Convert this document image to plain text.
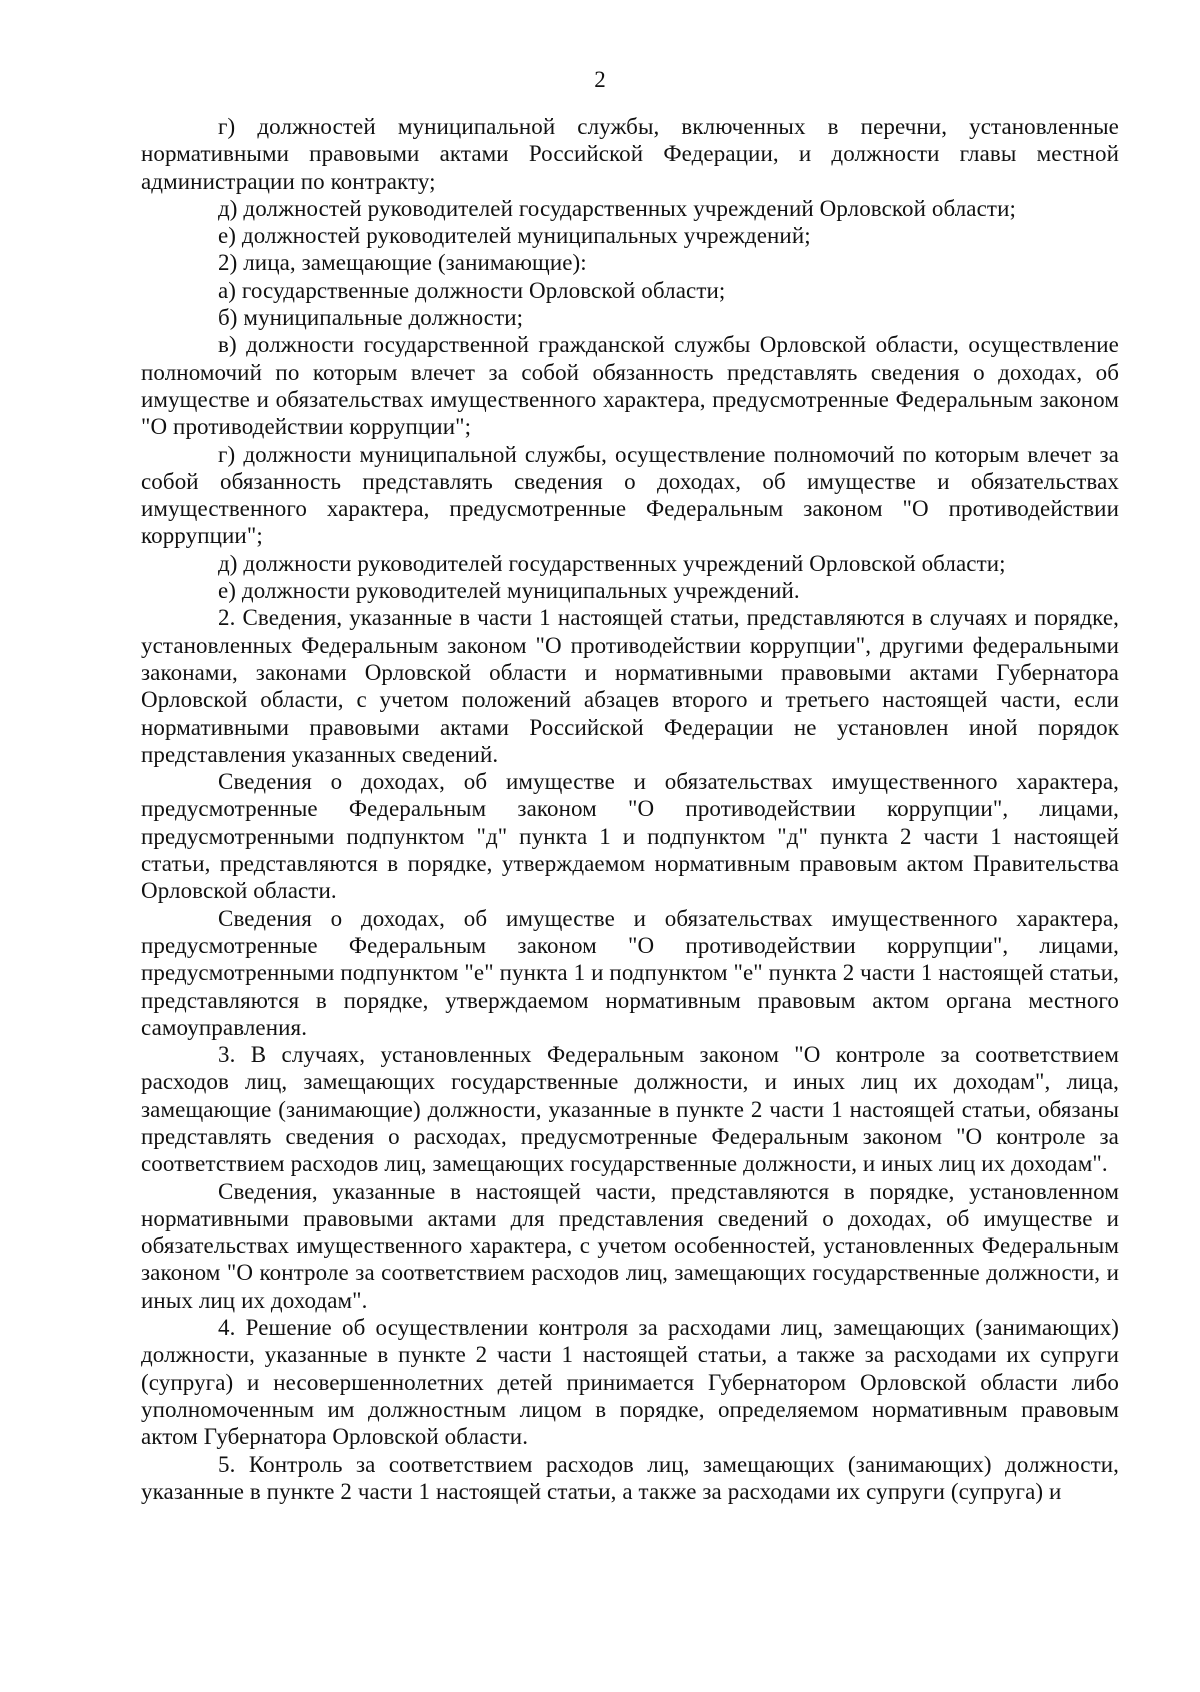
2

г) должностей муниципальной службы, включенных в перечни, установленные нормативными правовыми актами Российской Федерации, и должности главы местной администрации по контракту;

д) должностей руководителей государственных учреждений Орловской области;

е) должностей руководителей муниципальных учреждений;

2) лица, замещающие (занимающие):

а) государственные должности Орловской области;

б) муниципальные должности;

в) должности государственной гражданской службы Орловской области, осуществление полномочий по которым влечет за собой обязанность представлять сведения о доходах, об имуществе и обязательствах имущественного характера, предусмотренные Федеральным законом "О противодействии коррупции";

г) должности муниципальной службы, осуществление полномочий по которым влечет за собой обязанность представлять сведения о доходах, об имуществе и обязательствах имущественного характера, предусмотренные Федеральным законом "О противодействии коррупции";

д) должности руководителей государственных учреждений Орловской области;

е) должности руководителей муниципальных учреждений.

2. Сведения, указанные в части 1 настоящей статьи, представляются в случаях и порядке, установленных Федеральным законом "О противодействии коррупции", другими федеральными законами, законами Орловской области и нормативными правовыми актами Губернатора Орловской области, с учетом положений абзацев второго и третьего настоящей части, если нормативными правовыми актами Российской Федерации не установлен иной порядок представления указанных сведений.

Сведения о доходах, об имуществе и обязательствах имущественного характера, предусмотренные Федеральным законом "О противодействии коррупции", лицами, предусмотренными подпунктом "д" пункта 1 и подпунктом "д" пункта 2 части 1 настоящей статьи, представляются в порядке, утверждаемом нормативным правовым актом Правительства Орловской области.

Сведения о доходах, об имуществе и обязательствах имущественного характера, предусмотренные Федеральным законом "О противодействии коррупции", лицами, предусмотренными подпунктом "е" пункта 1 и подпунктом "е" пункта 2 части 1 настоящей статьи, представляются в порядке, утверждаемом нормативным правовым актом органа местного самоуправления.

3. В случаях, установленных Федеральным законом "О контроле за соответствием расходов лиц, замещающих государственные должности, и иных лиц их доходам", лица, замещающие (занимающие) должности, указанные в пункте 2 части 1 настоящей статьи, обязаны представлять сведения о расходах, предусмотренные Федеральным законом "О контроле за соответствием расходов лиц, замещающих государственные должности, и иных лиц их доходам".

Сведения, указанные в настоящей части, представляются в порядке, установленном нормативными правовыми актами для представления сведений о доходах, об имуществе и обязательствах имущественного характера, с учетом особенностей, установленных Федеральным законом "О контроле за соответствием расходов лиц, замещающих государственные должности, и иных лиц их доходам".

4. Решение об осуществлении контроля за расходами лиц, замещающих (занимающих) должности, указанные в пункте 2 части 1 настоящей статьи, а также за расходами их супруги (супруга) и несовершеннолетних детей принимается Губернатором Орловской области либо уполномоченным им должностным лицом в порядке, определяемом нормативным правовым актом Губернатора Орловской области.

5. Контроль за соответствием расходов лиц, замещающих (занимающих) должности, указанные в пункте 2 части 1 настоящей статьи, а также за расходами их супруги (супруга) и
